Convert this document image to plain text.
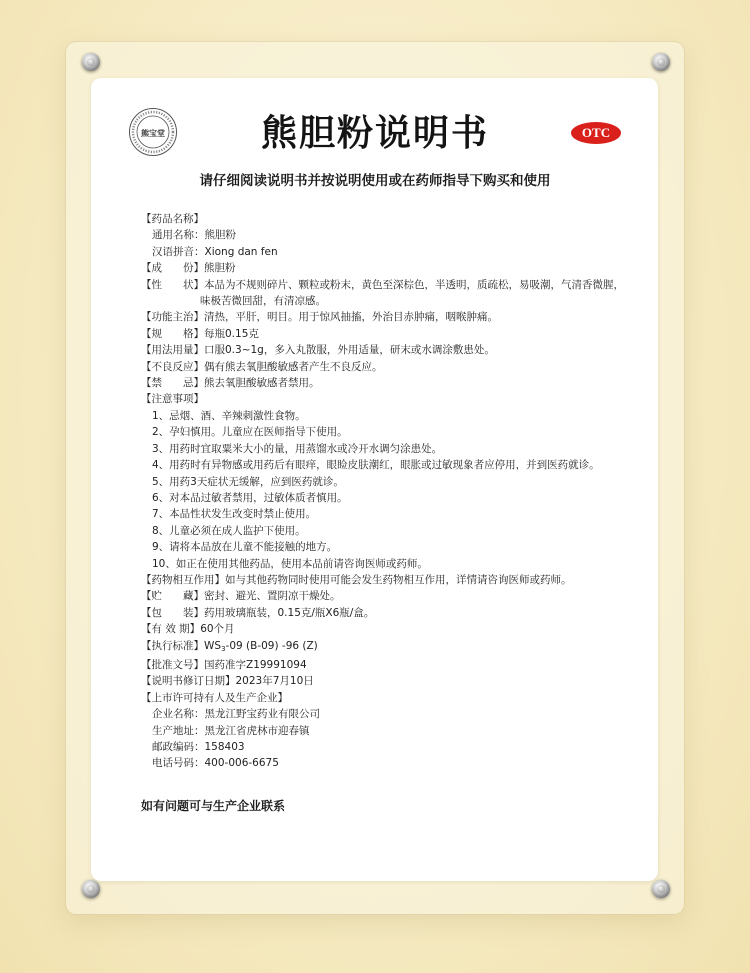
熊宝堂	熊胆粉说明书	OTC
请仔细阅读说明书并按说明使用或在药师指导下购买和使用
【药品名称】
通用名称： 熊胆粉
汉语拼音： Xiong dan fen
【成　　份】 熊胆粉
【性　　状】 本品为不规则碎片、颗粒或粉末，黄色至深棕色，半透明，质疏松，易吸潮，气清香微腥，
味极苦微回甜，有清凉感。
【功能主治】 清热，平肝，明目。用于惊风抽搐，外治目赤肿痛，咽喉肿痛。
【规　　格】 每瓶0.15克
【用法用量】 口服0.3~1g，多入丸散服，外用适量，研末或水调涂敷患处。
【不良反应】 偶有熊去氧胆酸敏感者产生不良反应。
【禁　　忌】 熊去氧胆酸敏感者禁用。
【注意事项】
1、忌烟、酒、辛辣刺激性食物。
2、孕妇慎用。儿童应在医师指导下使用。
3、用药时宜取粟米大小的量，用蒸馏水或冷开水调匀涂患处。
4、用药时有异物感或用药后有眼痒，眼睑皮肤潮红，眼胀或过敏现象者应停用，并到医药就诊。
5、用药3天症状无缓解，应到医药就诊。
6、对本品过敏者禁用，过敏体质者慎用。
7、本品性状发生改变时禁止使用。
8、儿童必须在成人监护下使用。
9、请将本品放在儿童不能接触的地方。
10、如正在使用其他药品，使用本品前请咨询医师或药师。
【药物相互作用】 如与其他药物同时使用可能会发生药物相互作用，详情请咨询医师或药师。
【贮　　藏】 密封、避光、置阴凉干燥处。
【包　　装】 药用玻璃瓶装，0.15克/瓶X6瓶/盒。
【有 效 期】 60个月
【执行标准】 $WS_3-09$ (B-09) -96 (Z)
【批准文号】 国药准字Z19991094
【说明书修订日期】 2023年7月10日
【上市许可持有人及生产企业】
企业名称： 黑龙江野宝药业有限公司
生产地址： 黑龙江省虎林市迎春镇
邮政编码： 158403
电话号码： 400-006-6675
如有问题可与生产企业联系
